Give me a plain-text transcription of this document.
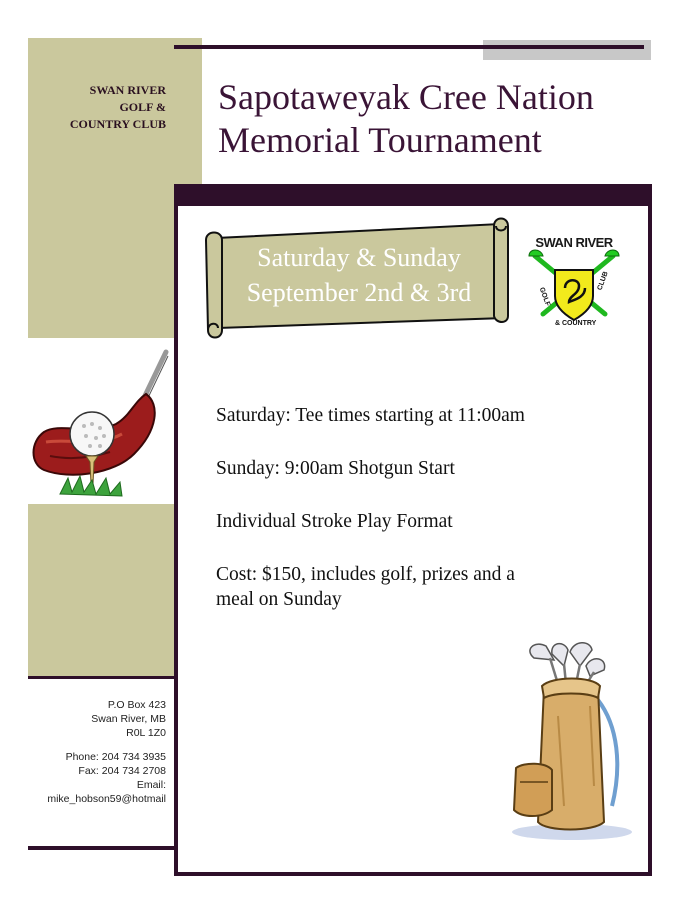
SWAN RIVER
GOLF &
COUNTRY CLUB
Sapotaweyak Cree Nation
Memorial Tournament
Saturday & Sunday
September 2nd & 3rd	GOLF
CLUB
& COUNTRY
SWAN RIVER

Saturday: Tee times starting at 11:00am

Sunday: 9:00am Shotgun Start

Individual Stroke Play Format

Cost: $150, includes golf, prizes and a meal on Sunday

P.O Box 423
Swan River, MB
R0L 1Z0
Phone: 204 734 3935
Fax: 204 734 2708
Email:
mike_hobson59@hotmail
